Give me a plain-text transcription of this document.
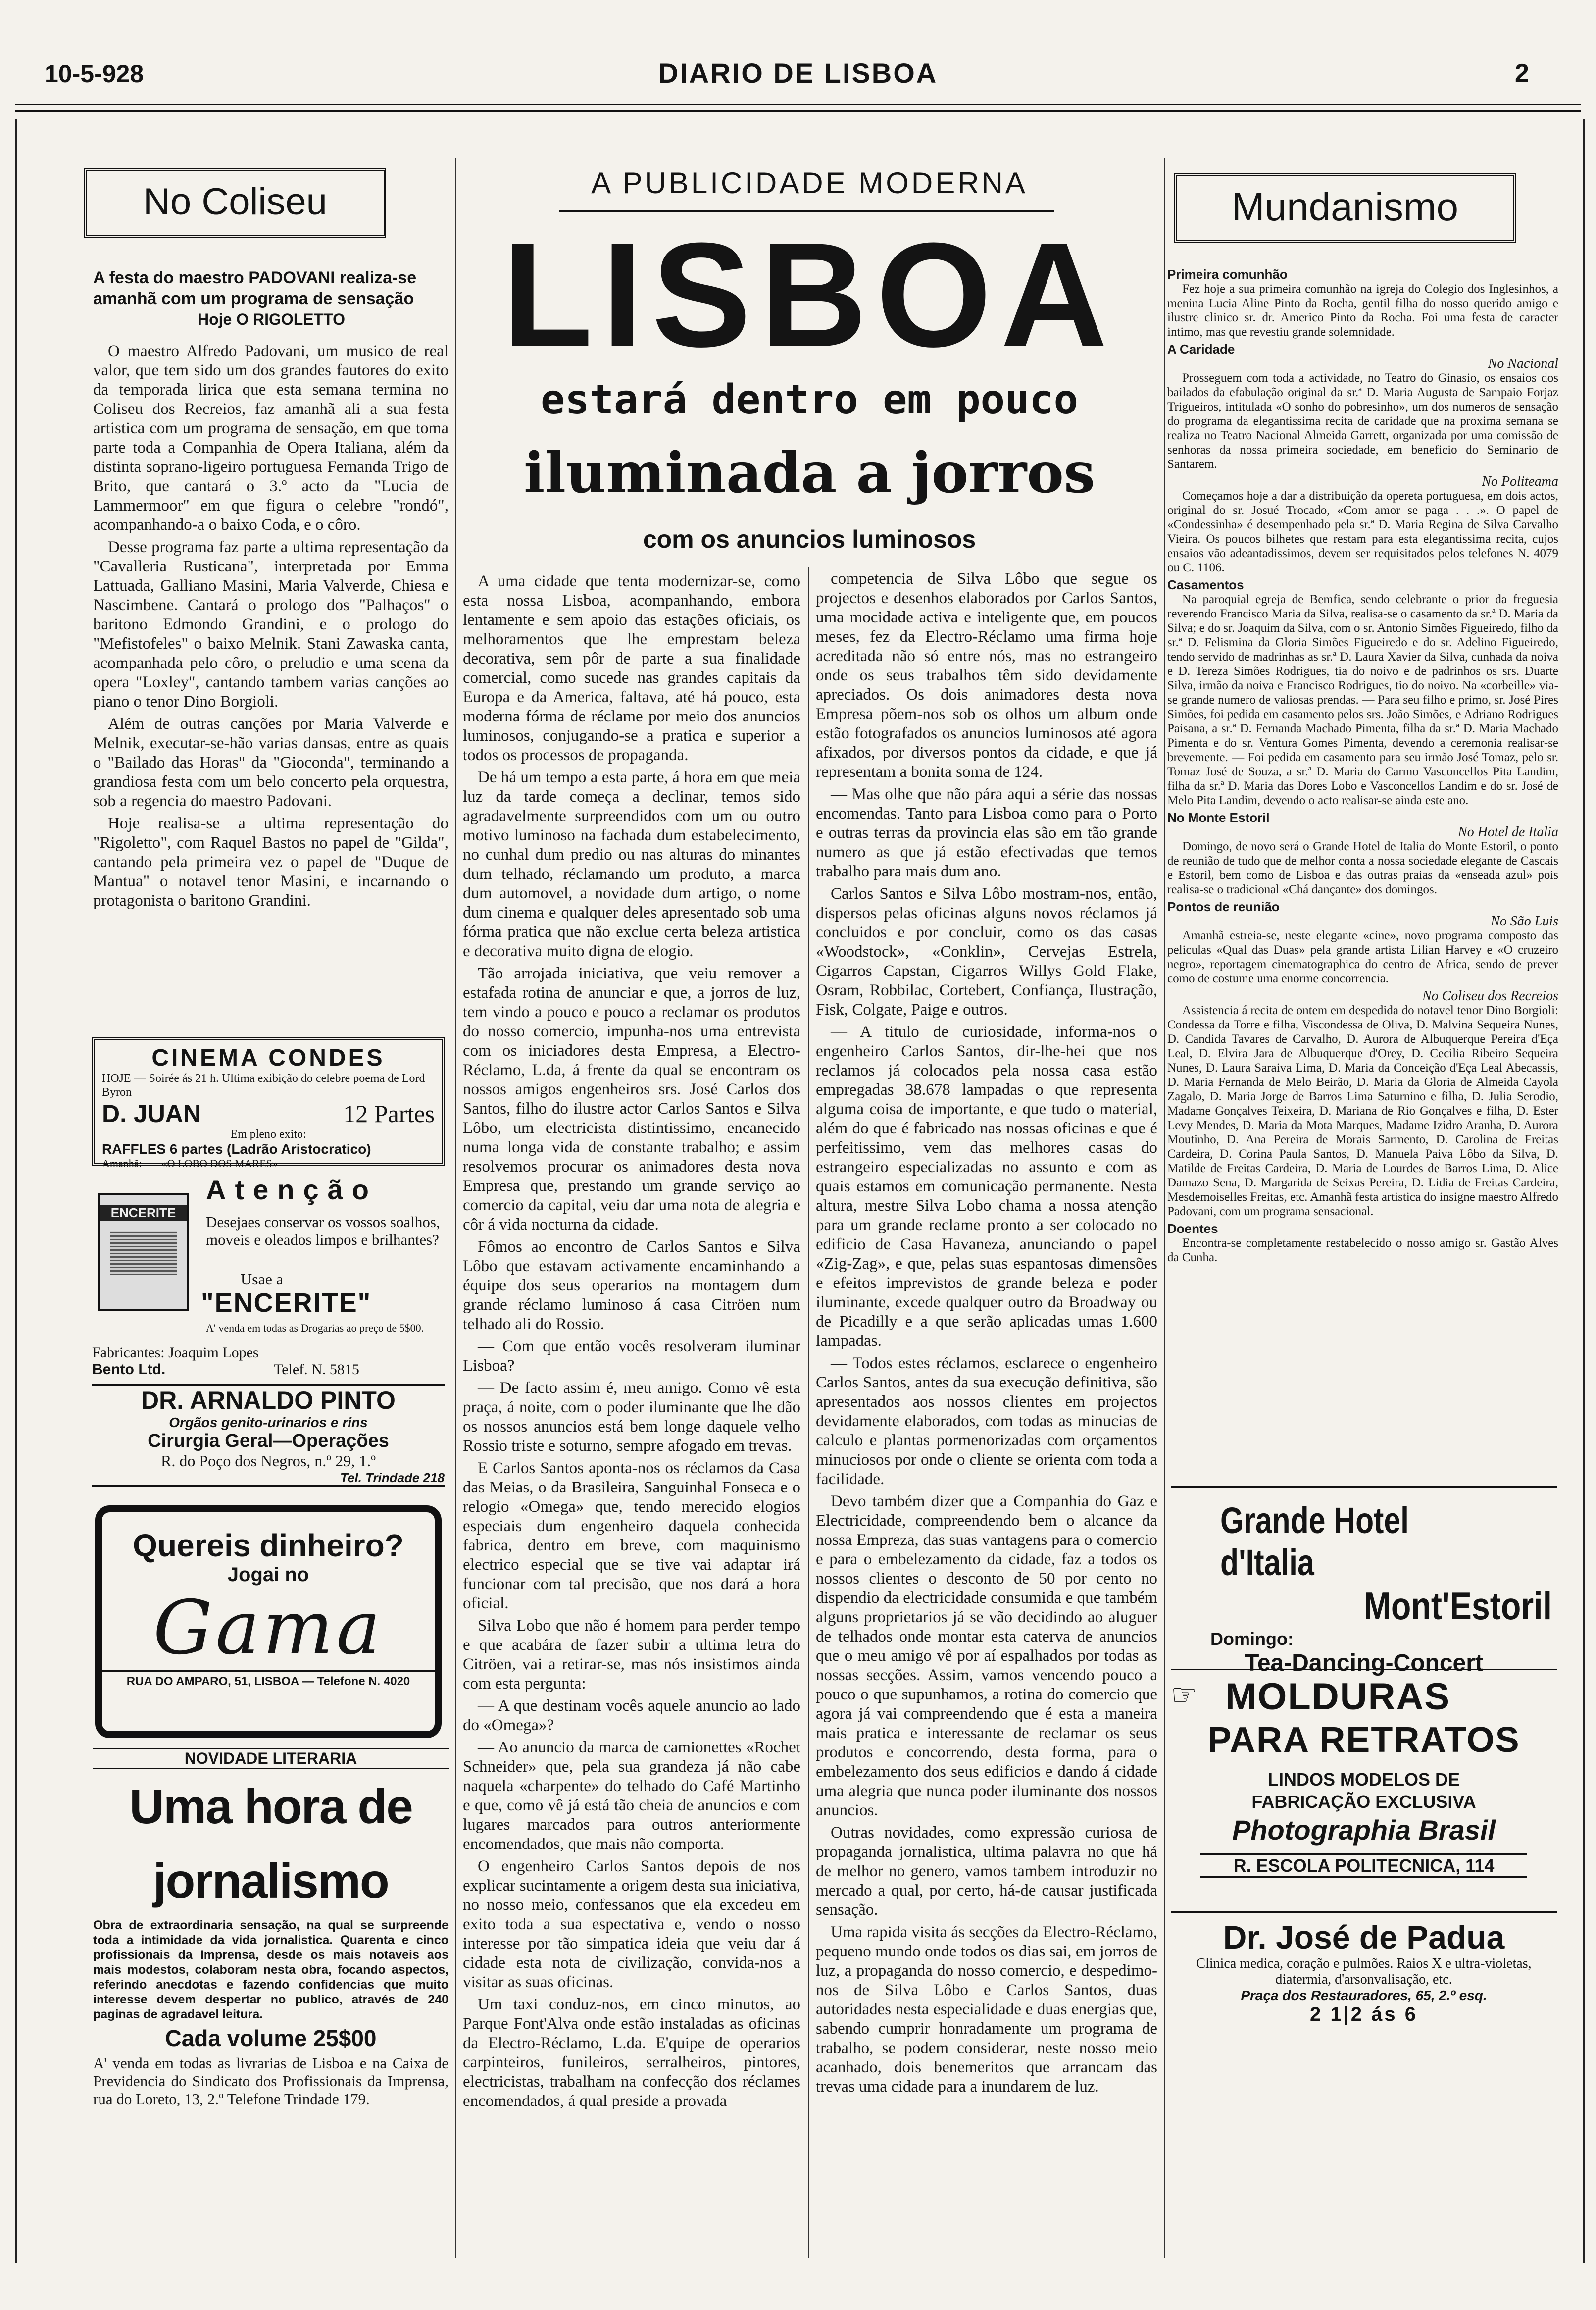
10-5-928	DIARIO DE LISBOA	2
No Coliseu
A festa do maestro PADOVANI realiza-se
amanhã com um programa de sensação
Hoje O RIGOLETTO

O maestro Alfredo Padovani, um musico de real valor, que tem sido um dos grandes fautores do exito da temporada lirica que esta semana termina no Coliseu dos Recreios, faz amanhã ali a sua festa artistica com um programa de sensação, em que toma parte toda a Companhia de Opera Italiana, além da distinta soprano-ligeiro portuguesa Fernanda Trigo de Brito, que cantará o 3.º acto da "Lucia de Lammermoor" em que figura o celebre "rondó", acompanhando-a o baixo Coda, e o côro.

Desse programa faz parte a ultima representação da "Cavalleria Rusticana", interpretada por Emma Lattuada, Galliano Masini, Maria Valverde, Chiesa e Nascimbene. Cantará o prologo dos "Palhaços" o baritono Edmondo Grandini, e o prologo do "Mefistofeles" o baixo Melnik. Stani Zawaska canta, acompanhada pelo côro, o preludio e uma scena da opera "Loxley", cantando tambem varias canções ao piano o tenor Dino Borgioli.

Além de outras canções por Maria Valverde e Melnik, executar-se-hão varias dansas, entre as quais o "Bailado das Horas" da "Gioconda", terminando a grandiosa festa com um belo concerto pela orquestra, sob a regencia do maestro Padovani.

Hoje realisa-se a ultima representação do "Rigoletto", com Raquel Bastos no papel de "Gilda", cantando pela primeira vez o papel de "Duque de Mantua" o notavel tenor Masini, e incarnando o protagonista o baritono Grandini.

CINEMA CONDES
HOJE — Soirée ás 21 h. Ultima exibição do celebre poema de Lord Byron
D. JUAN	12 Partes
Em pleno exito:
RAFFLES 6 partes (Ladrão Aristocratico)
Amanhã: «O LOBO DOS MARES»
ENCERITE
Atenção
Desejaes conservar os vossos soalhos, moveis e oleados limpos e brilhantes?
Usae a
"ENCERITE"
A' venda em todas as Drogarias ao preço de 5$00.
Fabricantes: Joaquim Lopes
Bento Ltd.	Telef. N. 5815
DR. ARNALDO PINTO
Orgãos genito-urinarios e rins
Cirurgia Geral—Operações
R. do Poço dos Negros, n.º 29, 1.º
Tel. Trindade 218
Quereis dinheiro?
Jogai no
Gama
RUA DO AMPARO, 51, LISBOA — Telefone N. 4020
NOVIDADE LITERARIA
Uma hora de jornalismo
Obra de extraordinaria sensação, na qual se surpreende toda a intimidade da vida jornalistica. Quarenta e cinco profissionais da Imprensa, desde os mais notaveis aos mais modestos, colaboram nesta obra, focando aspectos, referindo anecdotas e fazendo confidencias que muito interesse devem despertar no publico, através de 240 paginas de agradavel leitura.
Cada volume 25$00
A' venda em todas as livrarias de Lisboa e na Caixa de Previdencia do Sindicato dos Profissionais da Imprensa, rua do Loreto, 13, 2.º Telefone Trindade 179.
A PUBLICIDADE MODERNA
LISBOA
estará dentro em pouco
iluminada a jorros
com os anuncios luminosos

A uma cidade que tenta modernizar-se, como esta nossa Lisboa, acompanhando, embora lentamente e sem apoio das estações oficiais, os melhoramentos que lhe emprestam beleza decorativa, sem pôr de parte a sua finalidade comercial, como sucede nas grandes capitais da Europa e da America, faltava, até há pouco, esta moderna fórma de réclame por meio dos anuncios luminosos, conjugando-se a pratica e superior a todos os processos de propaganda.

De há um tempo a esta parte, á hora em que meia luz da tarde começa a declinar, temos sido agradavelmente surpreendidos com um ou outro motivo luminoso na fachada dum estabelecimento, no cunhal dum predio ou nas alturas do minantes dum telhado, réclamando um produto, a marca dum automovel, a novidade dum artigo, o nome dum cinema e qualquer deles apresentado sob uma fórma pratica que não exclue certa beleza artistica e decorativa muito digna de elogio.

Tão arrojada iniciativa, que veiu remover a estafada rotina de anunciar e que, a jorros de luz, tem vindo a pouco e pouco a reclamar os produtos do nosso comercio, impunha-nos uma entrevista com os iniciadores desta Empresa, a Electro-Réclamo, L.da, á frente da qual se encontram os nossos amigos engenheiros srs. José Carlos dos Santos, filho do ilustre actor Carlos Santos e Silva Lôbo, um electricista distintissimo, encanecido numa longa vida de constante trabalho; e assim resolvemos procurar os animadores desta nova Empresa que, prestando um grande serviço ao comercio da capital, veiu dar uma nota de alegria e côr á vida nocturna da cidade.

Fômos ao encontro de Carlos Santos e Silva Lôbo que estavam activamente encaminhando a équipe dos seus operarios na montagem dum grande réclamo luminoso á casa Citröen num telhado ali do Rossio.

— Com que então vocês resolveram iluminar Lisboa?

— De facto assim é, meu amigo. Como vê esta praça, á noite, com o poder iluminante que lhe dão os nossos anuncios está bem longe daquele velho Rossio triste e soturno, sempre afogado em trevas.

E Carlos Santos aponta-nos os réclamos da Casa das Meias, o da Brasileira, Sanguinhal Fonseca e o relogio «Omega» que, tendo merecido elogios especiais dum engenheiro daquela conhecida fabrica, dentro em breve, com maquinismo electrico especial que se tive vai adaptar irá funcionar com tal precisão, que nos dará a hora oficial.

Silva Lobo que não é homem para perder tempo e que acabára de fazer subir a ultima letra do Citröen, vai a retirar-se, mas nós insistimos ainda com esta pergunta:

— A que destinam vocês aquele anuncio ao lado do «Omega»?

— Ao anuncio da marca de camionettes «Rochet Schneider» que, pela sua grandeza já não cabe naquela «charpente» do telhado do Café Martinho e que, como vê já está tão cheia de anuncios e com lugares marcados para outros anteriormente encomendados, que mais não comporta.

O engenheiro Carlos Santos depois de nos explicar sucintamente a origem desta sua iniciativa, no nosso meio, confessanos que ela excedeu em exito toda a sua espectativa e, vendo o nosso interesse por tão simpatica ideia que veiu dar á cidade esta nota de civilização, convida-nos a visitar as suas oficinas.

Um taxi conduz-nos, em cinco minutos, ao Parque Font'Alva onde estão instaladas as oficinas da Electro-Réclamo, L.da. E'quipe de operarios carpinteiros, funileiros, serralheiros, pintores, electricistas, trabalham na confecção dos réclames encomendados, á qual preside a provada

competencia de Silva Lôbo que segue os projectos e desenhos elaborados por Carlos Santos, uma mocidade activa e inteligente que, em poucos meses, fez da Electro-Réclamo uma firma hoje acreditada não só entre nós, mas no estrangeiro onde os seus trabalhos têm sido devidamente apreciados. Os dois animadores desta nova Empresa põem-nos sob os olhos um album onde estão fotografados os anuncios luminosos até agora afixados, por diversos pontos da cidade, e que já representam a bonita soma de 124.

— Mas olhe que não pára aqui a série das nossas encomendas. Tanto para Lisboa como para o Porto e outras terras da provincia elas são em tão grande numero as que já estão efectivadas que temos trabalho para mais dum ano.

Carlos Santos e Silva Lôbo mostram-nos, então, dispersos pelas oficinas alguns novos réclamos já concluidos e por concluir, como os das casas «Woodstock», «Conklin», Cervejas Estrela, Cigarros Capstan, Cigarros Willys Gold Flake, Osram, Robbilac, Cortebert, Confiança, Ilustração, Fisk, Colgate, Paige e outros.

— A titulo de curiosidade, informa-nos o engenheiro Carlos Santos, dir-lhe-hei que nos reclamos já colocados pela nossa casa estão empregadas 38.678 lampadas o que representa alguma coisa de importante, e que tudo o material, além do que é fabricado nas nossas oficinas e que é perfeitissimo, vem das melhores casas do estrangeiro especializadas no assunto e com as quais estamos em comunicação permanente. Nesta altura, mestre Silva Lobo chama a nossa atenção para um grande reclame pronto a ser colocado no edificio de Casa Havaneza, anunciando o papel «Zig-Zag», e que, pelas suas espantosas dimensões e efeitos imprevistos de grande beleza e poder iluminante, excede qualquer outro da Broadway ou de Picadilly e a que serão aplicadas umas 1.600 lampadas.

— Todos estes réclamos, esclarece o engenheiro Carlos Santos, antes da sua execução definitiva, são apresentados aos nossos clientes em projectos devidamente elaborados, com todas as minucias de calculo e plantas pormenorizadas com orçamentos minuciosos por onde o cliente se orienta com toda a facilidade.

Devo também dizer que a Companhia do Gaz e Electricidade, compreendendo bem o alcance da nossa Empreza, das suas vantagens para o comercio e para o embelezamento da cidade, faz a todos os nossos clientes o desconto de 50 por cento no dispendio da electricidade consumida e que também alguns proprietarios já se vão decidindo ao aluguer de telhados onde montar esta caterva de anuncios que o meu amigo vê por aí espalhados por todas as nossas secções. Assim, vamos vencendo pouco a pouco o que supunhamos, a rotina do comercio que agora já vai compreendendo que é esta a maneira mais pratica e interessante de reclamar os seus produtos e concorrendo, desta forma, para o embelezamento dos seus edificios e dando á cidade uma alegria que nunca poder iluminante dos nossos anuncios.

Outras novidades, como expressão curiosa de propaganda jornalistica, ultima palavra no que há de melhor no genero, vamos tambem introduzir no mercado a qual, por certo, há-de causar justificada sensação.

Uma rapida visita ás secções da Electro-Réclamo, pequeno mundo onde todos os dias sai, em jorros de luz, a propaganda do nosso comercio, e despedimo-nos de Silva Lôbo e Carlos Santos, duas autoridades nesta especialidade e duas energias que, sabendo cumprir honradamente um programa de trabalho, se podem considerar, neste nosso meio acanhado, dois benemeritos que arrancam das trevas uma cidade para a inundarem de luz.

Mundanismo
Primeira comunhão

Fez hoje a sua primeira comunhão na igreja do Colegio dos Inglesinhos, a menina Lucia Aline Pinto da Rocha, gentil filha do nosso querido amigo e ilustre clinico sr. dr. Americo Pinto da Rocha. Foi uma festa de caracter intimo, mas que revestiu grande solemnidade.

A Caridade
No Nacional

Prosseguem com toda a actividade, no Teatro do Ginasio, os ensaios dos bailados da efabulação original da sr.ª D. Maria Augusta de Sampaio Forjaz Trigueiros, intitulada «O sonho do pobresinho», um dos numeros de sensação do programa da elegantissima recita de caridade que na proxima semana se realiza no Teatro Nacional Almeida Garrett, organizada por uma comissão de senhoras da nossa primeira sociedade, em beneficio do Seminario de Santarem.

No Politeama

Começamos hoje a dar a distribuição da opereta portuguesa, em dois actos, original do sr. Josué Trocado, «Com amor se paga . . .». O papel de «Condessinha» é desempenhado pela sr.ª D. Maria Regina de Silva Carvalho Vieira. Os poucos bilhetes que restam para esta elegantissima recita, cujos ensaios vão adeantadissimos, devem ser requisitados pelos telefones N. 4079 ou C. 1106.

Casamentos

Na paroquial egreja de Bemfica, sendo celebrante o prior da freguesia reverendo Francisco Maria da Silva, realisa-se o casamento da sr.ª D. Maria da Silva; e do sr. Joaquim da Silva, com o sr. Antonio Simões Figueiredo, filho da sr.ª D. Felismina da Gloria Simões Figueiredo e do sr. Adelino Figueiredo, tendo servido de madrinhas as sr.ª D. Laura Xavier da Silva, cunhada da noiva e D. Tereza Simões Rodrigues, tia do noivo e de padrinhos os srs. Duarte Silva, irmão da noiva e Francisco Rodrigues, tio do noivo. Na «corbeille» via-se grande numero de valiosas prendas. — Para seu filho e primo, sr. José Pires Simões, foi pedida em casamento pelos srs. João Simões, e Adriano Rodrigues Paisana, a sr.ª D. Fernanda Machado Pimenta, filha da sr.ª D. Maria Machado Pimenta e do sr. Ventura Gomes Pimenta, devendo a ceremonia realisar-se brevemente. — Foi pedida em casamento para seu irmão José Tomaz, pelo sr. Tomaz José de Souza, a sr.ª D. Maria do Carmo Vasconcellos Pita Landim, filha da sr.ª D. Maria das Dores Lobo e Vasconcellos Landim e do sr. José de Melo Pita Landim, devendo o acto realisar-se ainda este ano.

No Monte Estoril
No Hotel de Italia

Domingo, de novo será o Grande Hotel de Italia do Monte Estoril, o ponto de reunião de tudo que de melhor conta a nossa sociedade elegante de Cascais e Estoril, bem como de Lisboa e das outras praias da «enseada azul» pois realisa-se o tradicional «Chá dançante» dos domingos.

Pontos de reunião
No São Luis

Amanhã estreia-se, neste elegante «cine», novo programa composto das peliculas «Qual das Duas» pela grande artista Lilian Harvey e «O cruzeiro negro», reportagem cinematographica do centro de Africa, sendo de prever como de costume uma enorme concorrencia.

No Coliseu dos Recreios

Assistencia á recita de ontem em despedida do notavel tenor Dino Borgioli: Condessa da Torre e filha, Viscondessa de Oliva, D. Malvina Sequeira Nunes, D. Candida Tavares de Carvalho, D. Aurora de Albuquerque Pereira d'Eça Leal, D. Elvira Jara de Albuquerque d'Orey, D. Cecilia Ribeiro Sequeira Nunes, D. Laura Saraiva Lima, D. Maria da Conceição d'Eça Leal Abecassis, D. Maria Fernanda de Melo Beirão, D. Maria da Gloria de Almeida Cayola Zagalo, D. Maria Jorge de Barros Lima Saturnino e filha, D. Julia Serodio, Madame Gonçalves Teixeira, D. Mariana de Rio Gonçalves e filha, D. Ester Levy Mendes, D. Maria da Mota Marques, Madame Izidro Aranha, D. Aurora Moutinho, D. Ana Pereira de Morais Sarmento, D. Carolina de Freitas Cardeira, D. Corina Paula Santos, D. Manuela Paiva Lôbo da Silva, D. Matilde de Freitas Cardeira, D. Maria de Lourdes de Barros Lima, D. Alice Damazo Sena, D. Margarida de Seixas Pereira, D. Lidia de Freitas Cardeira, Mesdemoiselles Freitas, etc. Amanhã festa artistica do insigne maestro Alfredo Padovani, com um programa sensacional.

Doentes

Encontra-se completamente restabelecido o nosso amigo sr. Gastão Alves da Cunha.

Grande Hotel d'Italia
Mont'Estoril
Domingo:
Tea-Dancing-Concert
☞ MOLDURAS
PARA RETRATOS
LINDOS MODELOS DE
FABRICAÇÃO EXCLUSIVA
Photographia Brasil
R. ESCOLA POLITECNICA, 114
Dr. José de Padua
Clinica medica, coração e pulmões. Raios X e ultra-violetas, diatermia, d'arsonvalisação, etc.
Praça dos Restauradores, 65, 2.º esq.
2 1|2 ás 6
